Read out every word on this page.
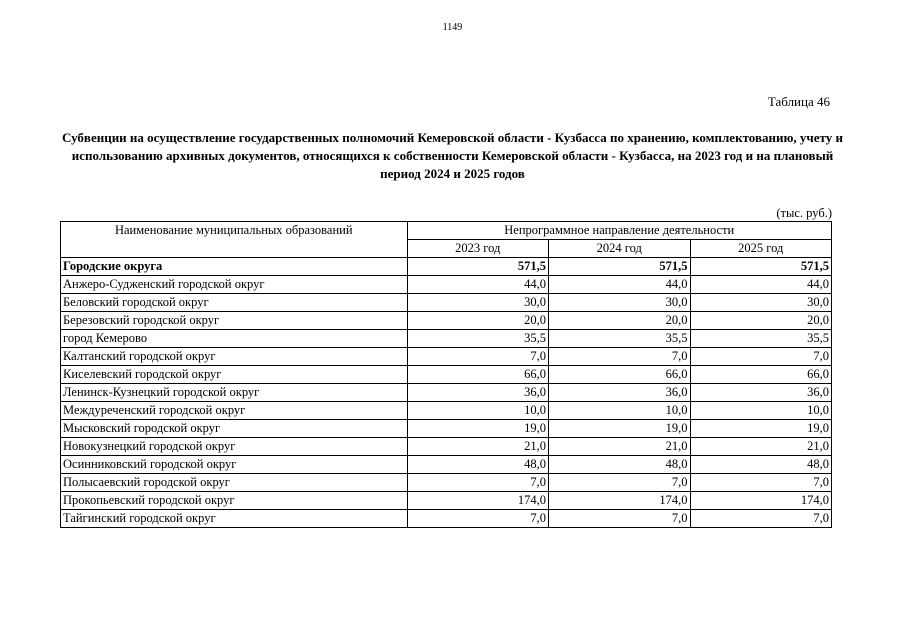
1149
Таблица 46
Субвенции на осуществление государственных полномочий Кемеровской области - Кузбасса по хранению, комплектованию, учету и использованию архивных документов, относящихся к собственности Кемеровской области - Кузбасса, на 2023 год и на плановый период 2024 и 2025 годов
(тыс. руб.)
Наименование муниципальных образований	Непрограммное направление деятельности		
	2023 год	2024 год	2025 год
Городские округа	571,5	571,5	571,5
Анжеро-Судженский городской округ	44,0	44,0	44,0
Беловский городской округ	30,0	30,0	30,0
Березовский городской округ	20,0	20,0	20,0
город Кемерово	35,5	35,5	35,5
Калтанский городской округ	7,0	7,0	7,0
Киселевский городской округ	66,0	66,0	66,0
Ленинск-Кузнецкий городской округ	36,0	36,0	36,0
Междуреченский городской округ	10,0	10,0	10,0
Мысковский городской округ	19,0	19,0	19,0
Новокузнецкий городской округ	21,0	21,0	21,0
Осинниковский городской округ	48,0	48,0	48,0
Полысаевский городской округ	7,0	7,0	7,0
Прокопьевский городской округ	174,0	174,0	174,0
Тайгинский городской округ	7,0	7,0	7,0
